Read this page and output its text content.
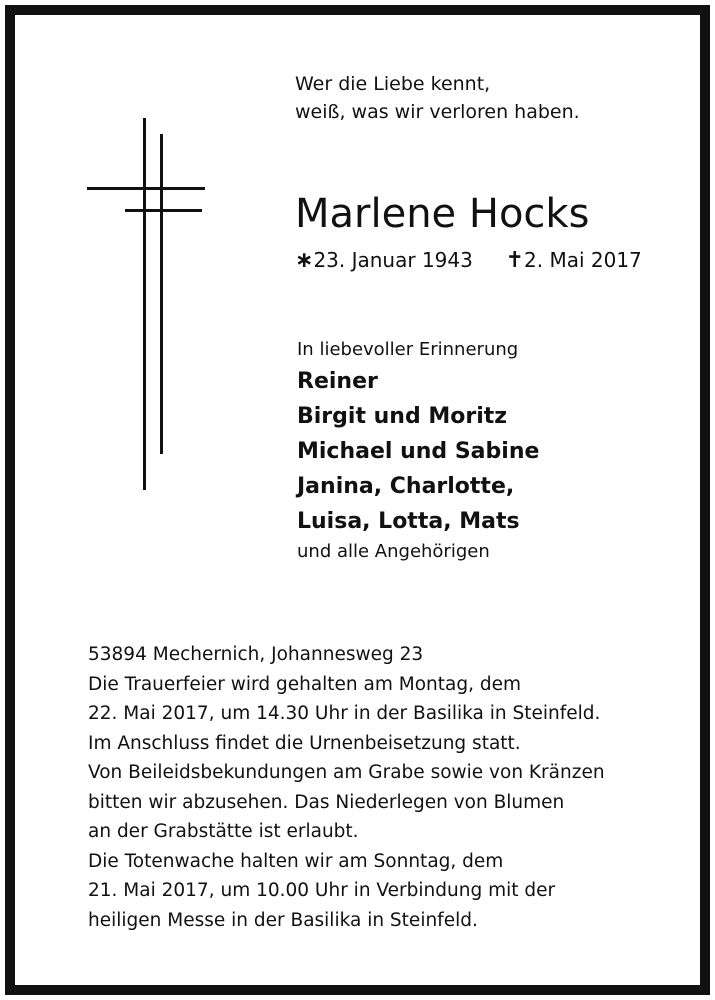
Wer die Liebe kennt,
weiß, was wir verloren haben.
Marlene Hocks
∗23. Januar 1943 ✝2. Mai 2017
In liebevoller Erinnerung
Reiner
Birgit und Moritz
Michael und Sabine
Janina, Charlotte,
Luisa, Lotta, Mats
und alle Angehörigen
53894 Mechernich, Johannesweg 23
Die Trauerfeier wird gehalten am Montag, dem
22. Mai 2017, um 14.30 Uhr in der Basilika in Steinfeld.
Im Anschluss findet die Urnenbeisetzung statt.
Von Beileidsbekundungen am Grabe sowie von Kränzen
bitten wir abzusehen. Das Niederlegen von Blumen
an der Grabstätte ist erlaubt.
Die Totenwache halten wir am Sonntag, dem
21. Mai 2017, um 10.00 Uhr in Verbindung mit der
heiligen Messe in der Basilika in Steinfeld.
